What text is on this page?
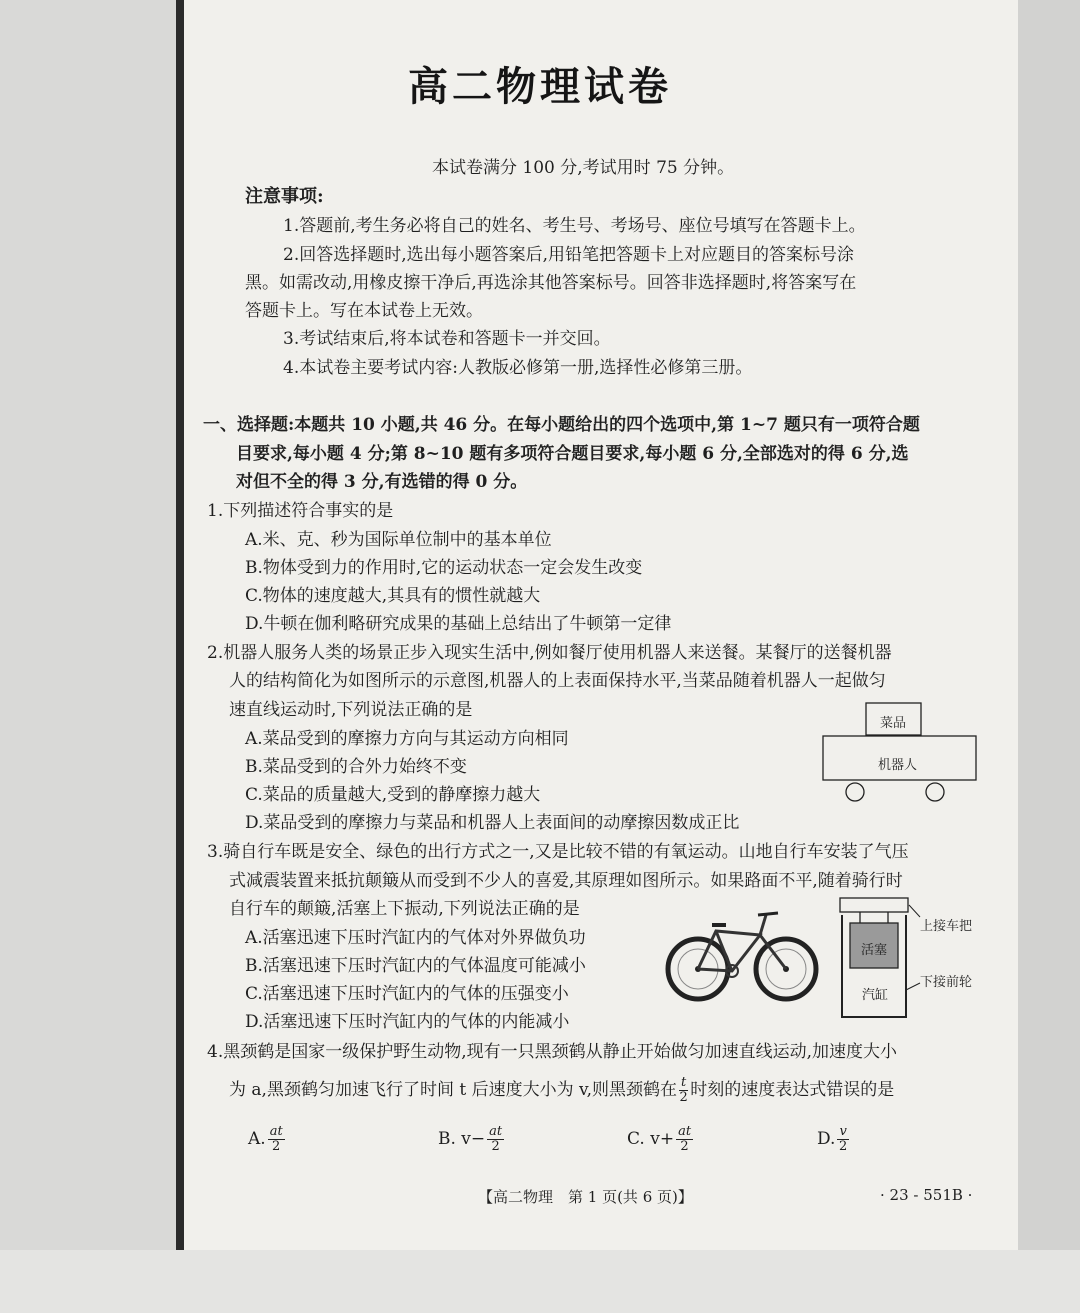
高二物理试卷
本试卷满分 100 分,考试用时 75 分钟。
注意事项:
1.答题前,考生务必将自己的姓名、考生号、考场号、座位号填写在答题卡上。
2.回答选择题时,选出每小题答案后,用铅笔把答题卡上对应题目的答案标号涂
黑。如需改动,用橡皮擦干净后,再选涂其他答案标号。回答非选择题时,将答案写在
答题卡上。写在本试卷上无效。
3.考试结束后,将本试卷和答题卡一并交回。
4.本试卷主要考试内容:人教版必修第一册,选择性必修第三册。
一、选择题:本题共 10 小题,共 46 分。在每小题给出的四个选项中,第 1~7 题只有一项符合题
目要求,每小题 4 分;第 8~10 题有多项符合题目要求,每小题 6 分,全部选对的得 6 分,选
对但不全的得 3 分,有选错的得 0 分。
1.下列描述符合事实的是
A.米、克、秒为国际单位制中的基本单位
B.物体受到力的作用时,它的运动状态一定会发生改变
C.物体的速度越大,其具有的惯性就越大
D.牛顿在伽利略研究成果的基础上总结出了牛顿第一定律
2.机器人服务人类的场景正步入现实生活中,例如餐厅使用机器人来送餐。某餐厅的送餐机器
人的结构简化为如图所示的示意图,机器人的上表面保持水平,当菜品随着机器人一起做匀
速直线运动时,下列说法正确的是
A.菜品受到的摩擦力方向与其运动方向相同
B.菜品受到的合外力始终不变
C.菜品的质量越大,受到的静摩擦力越大
D.菜品受到的摩擦力与菜品和机器人上表面间的动摩擦因数成正比
菜品
机器人
3.骑自行车既是安全、绿色的出行方式之一,又是比较不错的有氧运动。山地自行车安装了气压
式减震装置来抵抗颠簸从而受到不少人的喜爱,其原理如图所示。如果路面不平,随着骑行时
自行车的颠簸,活塞上下振动,下列说法正确的是
A.活塞迅速下压时汽缸内的气体对外界做负功
B.活塞迅速下压时汽缸内的气体温度可能减小
C.活塞迅速下压时汽缸内的气体的压强变小
D.活塞迅速下压时汽缸内的气体的内能减小
活塞
汽缸
上接车把
下接前轮
4.黑颈鹤是国家一级保护野生动物,现有一只黑颈鹤从静止开始做匀加速直线运动,加速度大小
为 a,黑颈鹤匀加速飞行了时间 t 后速度大小为 v,则黑颈鹤在 $\frac{t}{2}$ 时刻的速度表达式错误的是
A. $\frac{at}{2}$	B. $v- \frac{at}{2}$	C. $v+ \frac{at}{2}$	D. $\frac{v}{2}$
【高二物理　第 1 页(共 6 页)】	· 23 - 551B ·
